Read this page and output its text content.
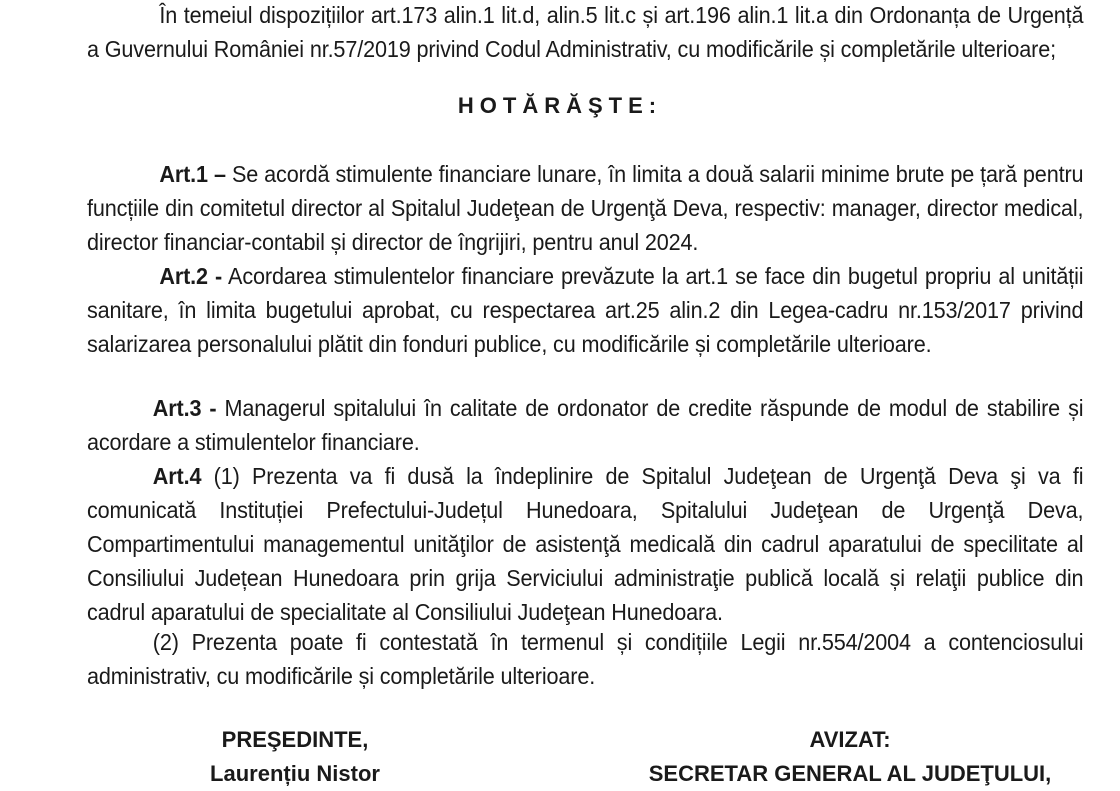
În temeiul dispozițiilor art.173 alin.1 lit.d, alin.5 lit.c și art.196 alin.1 lit.a din Ordonanța de Urgență a Guvernului României nr.57/2019 privind Codul Administrativ, cu modificările și completările ulterioare;
HOTĂRĂŞTE:
Art.1 – Se acordă stimulente financiare lunare, în limita a două salarii minime brute pe țară pentru funcțiile din comitetul director al Spitalul Judeţean de Urgenţă Deva, respectiv: manager, director medical, director financiar-contabil și director de îngrijiri, pentru anul 2024.
Art.2 - Acordarea stimulentelor financiare prevăzute la art.1 se face din bugetul propriu al unității sanitare, în limita bugetului aprobat, cu respectarea art.25 alin.2 din Legea-cadru nr.153/2017 privind salarizarea personalului plătit din fonduri publice, cu modificările și completările ulterioare.
Art.3 - Managerul spitalului în calitate de ordonator de credite răspunde de modul de stabilire și acordare a stimulentelor financiare.
Art.4 (1) Prezenta va fi dusă la îndeplinire de Spitalul Judeţean de Urgenţă Deva şi va fi comunicată Instituției Prefectului-Județul Hunedoara, Spitalului Judeţean de Urgenţă Deva, Compartimentului managementul unităţilor de asistenţă medicală din cadrul aparatului de specilitate al Consiliului Județean Hunedoara prin grija Serviciului administraţie publică locală și relaţii publice din cadrul aparatului de specialitate al Consiliului Judeţean Hunedoara.
(2) Prezenta poate fi contestată în termenul și condițiile Legii nr.554/2004 a contenciosului administrativ, cu modificările și completările ulterioare.
PREŞEDINTE,
Laurențiu Nistor
AVIZAT:
SECRETAR GENERAL AL JUDEŢULUI,
